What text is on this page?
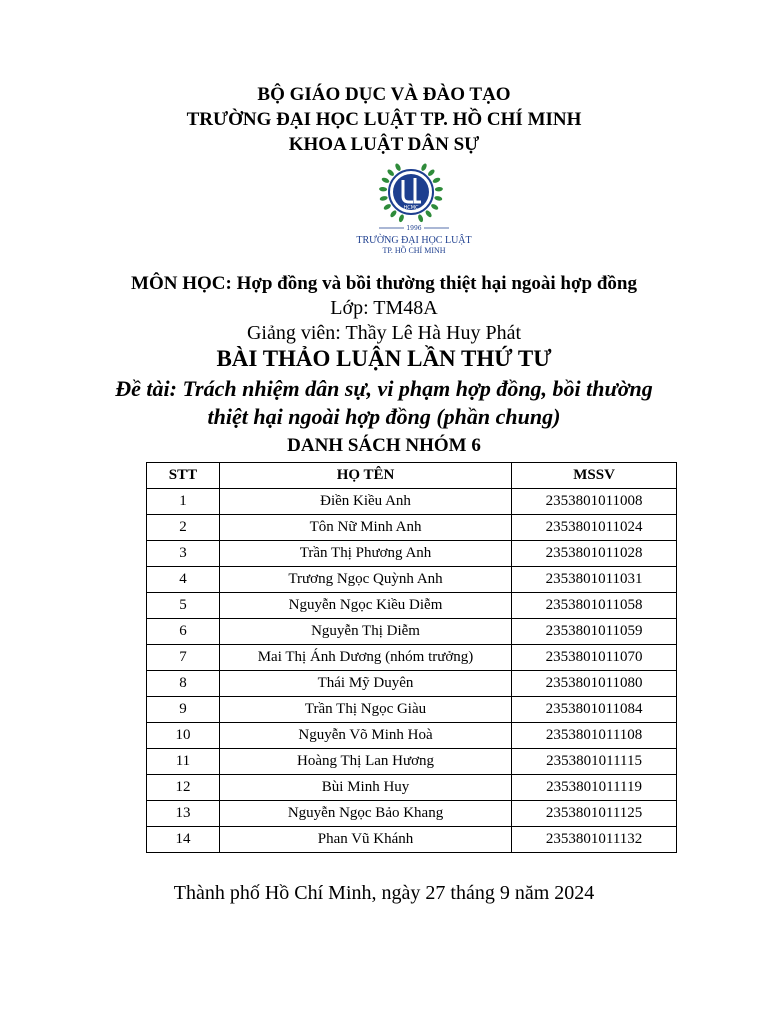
BỘ GIÁO DỤC VÀ ĐÀO TẠO
TRƯỜNG ĐẠI HỌC LUẬT TP. HỒ CHÍ MINH
KHOA LUẬT DÂN SỰ
HCMC
1996
TRƯỜNG ĐẠI HỌC LUẬT
TP. HỒ CHÍ MINH
MÔN HỌC: Hợp đồng và bồi thường thiệt hại ngoài hợp đồng
Lớp: TM48A
Giảng viên: Thầy Lê Hà Huy Phát
BÀI THẢO LUẬN LẦN THỨ TƯ
Đề tài: Trách nhiệm dân sự, vi phạm hợp đồng, bồi thường
thiệt hại ngoài hợp đồng (phần chung)
DANH SÁCH NHÓM 6
STT	HỌ TÊN	MSSV
1	Điền Kiều Anh	2353801011008
2	Tôn Nữ Minh Anh	2353801011024
3	Trần Thị Phương Anh	2353801011028
4	Trương Ngọc Quỳnh Anh	2353801011031
5	Nguyễn Ngọc Kiều Diễm	2353801011058
6	Nguyễn Thị Diễm	2353801011059
7	Mai Thị Ánh Dương (nhóm trưởng)	2353801011070
8	Thái Mỹ Duyên	2353801011080
9	Trần Thị Ngọc Giàu	2353801011084
10	Nguyễn Võ Minh Hoà	2353801011108
11	Hoàng Thị Lan Hương	2353801011115
12	Bùi Minh Huy	2353801011119
13	Nguyễn Ngọc Bảo Khang	2353801011125
14	Phan Vũ Khánh	2353801011132
Thành phố Hồ Chí Minh, ngày 27 tháng 9 năm 2024
